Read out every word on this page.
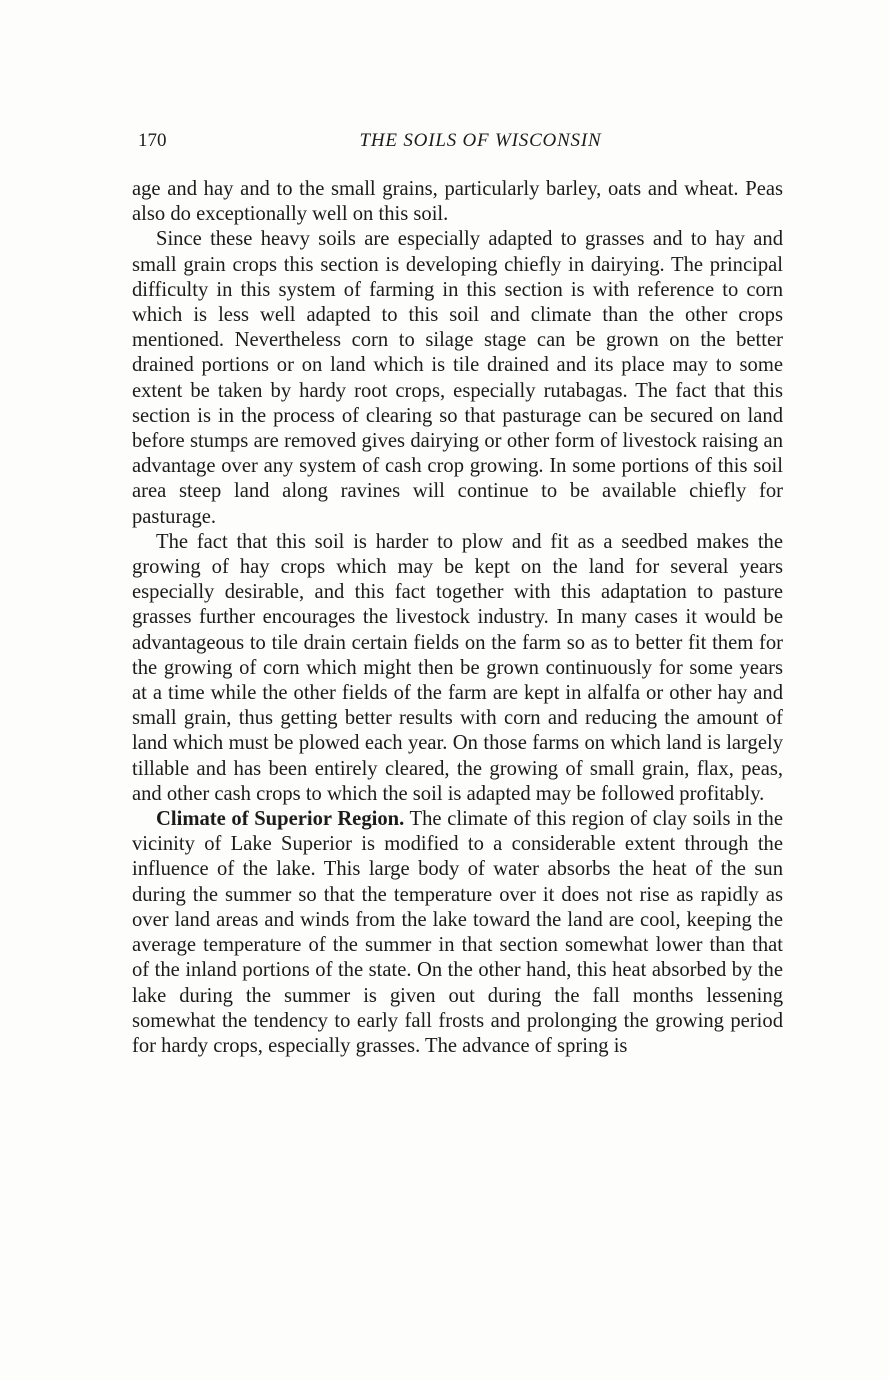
170	THE SOILS OF WISCONSIN

age and hay and to the small grains, particularly barley, oats and wheat. Peas also do exceptionally well on this soil.

Since these heavy soils are especially adapted to grasses and to hay and small grain crops this section is developing chiefly in dairying. The principal difficulty in this system of farming in this section is with reference to corn which is less well adapted to this soil and climate than the other crops mentioned. Nevertheless corn to silage stage can be grown on the better drained portions or on land which is tile drained and its place may to some extent be taken by hardy root crops, especially rutabagas. The fact that this section is in the process of clearing so that pasturage can be secured on land before stumps are removed gives dairying or other form of livestock raising an advantage over any system of cash crop growing. In some portions of this soil area steep land along ravines will continue to be available chiefly for pasturage.

The fact that this soil is harder to plow and fit as a seedbed makes the growing of hay crops which may be kept on the land for several years especially desirable, and this fact together with this adaptation to pasture grasses further encourages the livestock industry. In many cases it would be advantageous to tile drain certain fields on the farm so as to better fit them for the growing of corn which might then be grown continuously for some years at a time while the other fields of the farm are kept in alfalfa or other hay and small grain, thus getting better results with corn and reducing the amount of land which must be plowed each year. On those farms on which land is largely tillable and has been entirely cleared, the growing of small grain, flax, peas, and other cash crops to which the soil is adapted may be followed profitably.

Climate of Superior Region. The climate of this region of clay soils in the vicinity of Lake Superior is modified to a considerable extent through the influence of the lake. This large body of water absorbs the heat of the sun during the summer so that the temperature over it does not rise as rapidly as over land areas and winds from the lake toward the land are cool, keeping the average temperature of the summer in that section somewhat lower than that of the inland portions of the state. On the other hand, this heat absorbed by the lake during the summer is given out during the fall months lessening somewhat the tendency to early fall frosts and prolonging the growing period for hardy crops, especially grasses. The advance of spring is
